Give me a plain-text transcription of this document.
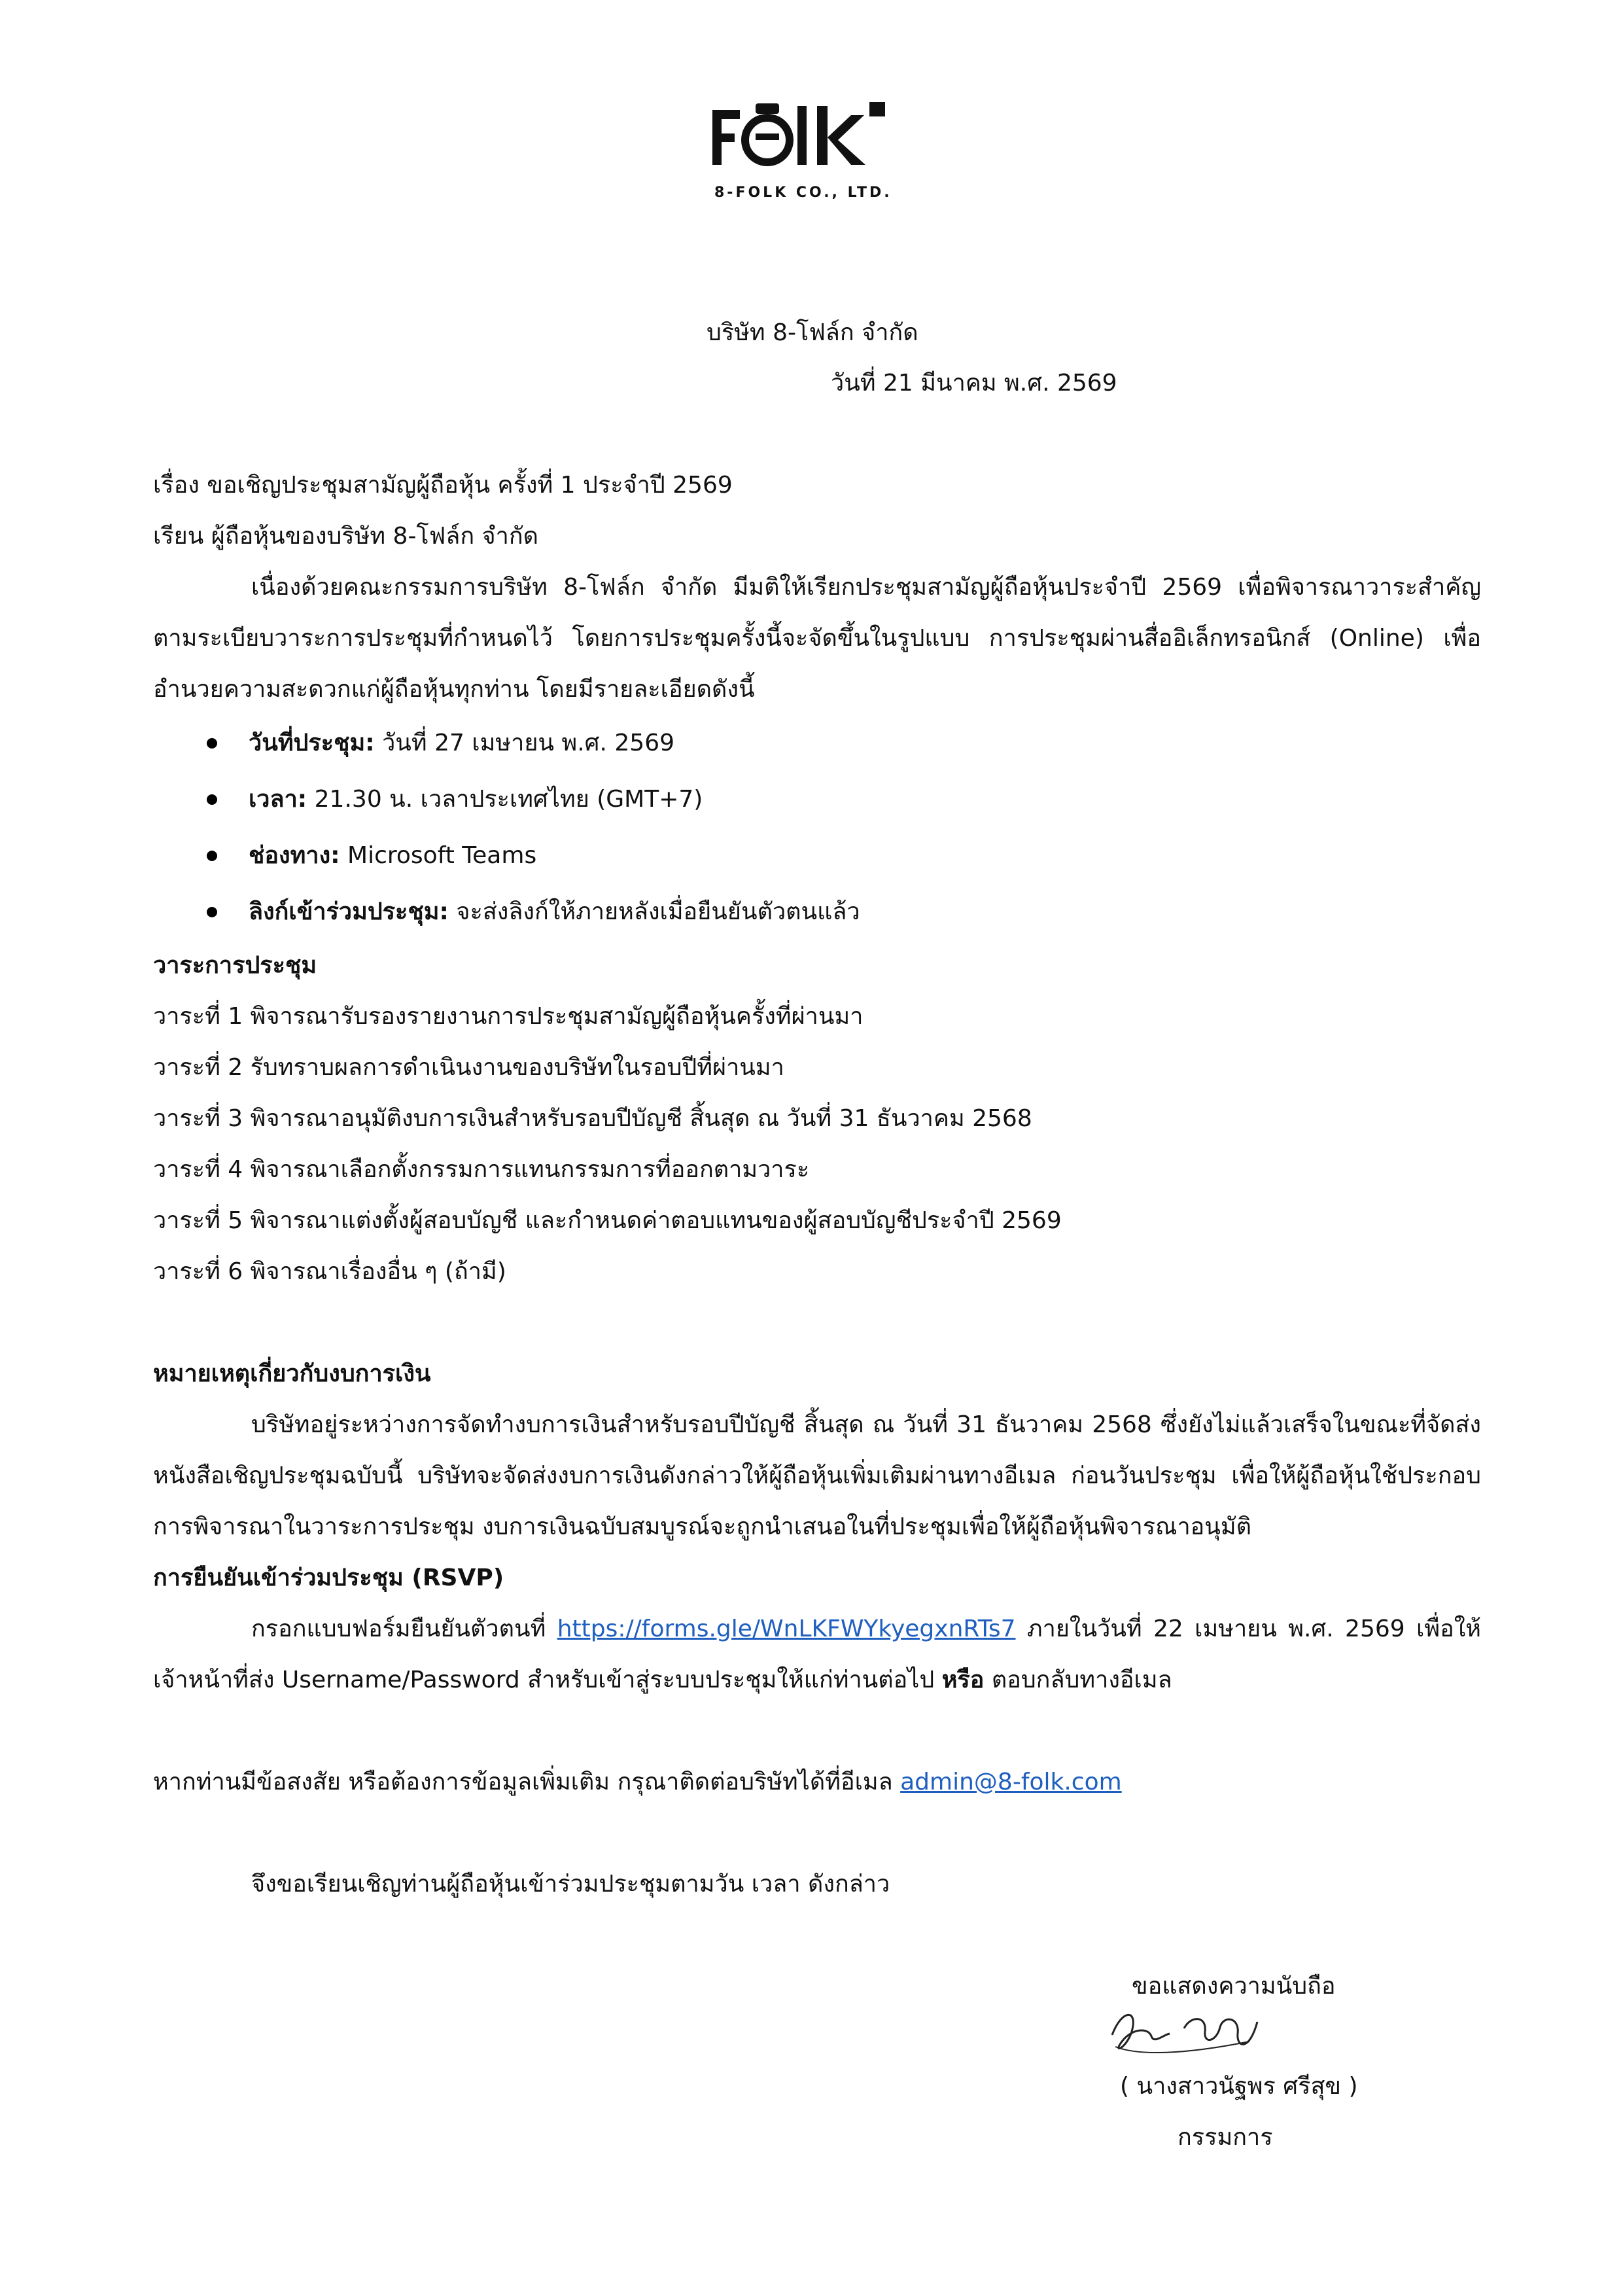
8-FOLK CO., LTD.
บริษัท 8-โฟล์ก จำกัด
วันที่ 21 มีนาคม พ.ศ. 2569
เรื่อง ขอเชิญประชุมสามัญผู้ถือหุ้น ครั้งที่ 1 ประจำปี 2569
เรียน ผู้ถือหุ้นของบริษัท 8-โฟล์ก จำกัด
เนื่องด้วยคณะกรรมการบริษัท 8-โฟล์ก จำกัด มีมติให้เรียกประชุมสามัญผู้ถือหุ้นประจำปี 2569 เพื่อพิจารณาวาระสำคัญตามระเบียบวาระการประชุมที่กำหนดไว้ โดยการประชุมครั้งนี้จะจัดขึ้นในรูปแบบ การประชุมผ่านสื่ออิเล็กทรอนิกส์ (Online) เพื่ออำนวยความสะดวกแก่ผู้ถือหุ้นทุกท่าน โดยมีรายละเอียดดังนี้
วันที่ประชุม: วันที่ 27 เมษายน พ.ศ. 2569
เวลา: 21.30 น. เวลาประเทศไทย (GMT+7)
ช่องทาง: Microsoft Teams
ลิงก์เข้าร่วมประชุม: จะส่งลิงก์ให้ภายหลังเมื่อยืนยันตัวตนแล้ว
วาระการประชุม
วาระที่ 1 พิจารณารับรองรายงานการประชุมสามัญผู้ถือหุ้นครั้งที่ผ่านมา
วาระที่ 2 รับทราบผลการดำเนินงานของบริษัทในรอบปีที่ผ่านมา
วาระที่ 3 พิจารณาอนุมัติงบการเงินสำหรับรอบปีบัญชี สิ้นสุด ณ วันที่ 31 ธันวาคม 2568
วาระที่ 4 พิจารณาเลือกตั้งกรรมการแทนกรรมการที่ออกตามวาระ
วาระที่ 5 พิจารณาแต่งตั้งผู้สอบบัญชี และกำหนดค่าตอบแทนของผู้สอบบัญชีประจำปี 2569
วาระที่ 6 พิจารณาเรื่องอื่น ๆ (ถ้ามี)
หมายเหตุเกี่ยวกับงบการเงิน
บริษัทอยู่ระหว่างการจัดทำงบการเงินสำหรับรอบปีบัญชี สิ้นสุด ณ วันที่ 31 ธันวาคม 2568 ซึ่งยังไม่แล้วเสร็จในขณะที่จัดส่งหนังสือเชิญประชุมฉบับนี้ บริษัทจะจัดส่งงบการเงินดังกล่าวให้ผู้ถือหุ้นเพิ่มเติมผ่านทางอีเมล ก่อนวันประชุม เพื่อให้ผู้ถือหุ้นใช้ประกอบการพิจารณาในวาระการประชุม งบการเงินฉบับสมบูรณ์จะถูกนำเสนอในที่ประชุมเพื่อให้ผู้ถือหุ้นพิจารณาอนุมัติ
การยืนยันเข้าร่วมประชุม (RSVP)
กรอกแบบฟอร์มยืนยันตัวตนที่ https://forms.gle/WnLKFWYkyegxnRTs7 ภายในวันที่ 22 เมษายน พ.ศ. 2569 เพื่อให้เจ้าหน้าที่ส่ง Username/Password สำหรับเข้าสู่ระบบประชุมให้แก่ท่านต่อไป หรือ ตอบกลับทางอีเมล
หากท่านมีข้อสงสัย หรือต้องการข้อมูลเพิ่มเติม กรุณาติดต่อบริษัทได้ที่อีเมล admin@8-folk.com
จึงขอเรียนเชิญท่านผู้ถือหุ้นเข้าร่วมประชุมตามวัน เวลา ดังกล่าว
ขอแสดงความนับถือ
( นางสาวนัฐพร ศรีสุข )
กรรมการ
